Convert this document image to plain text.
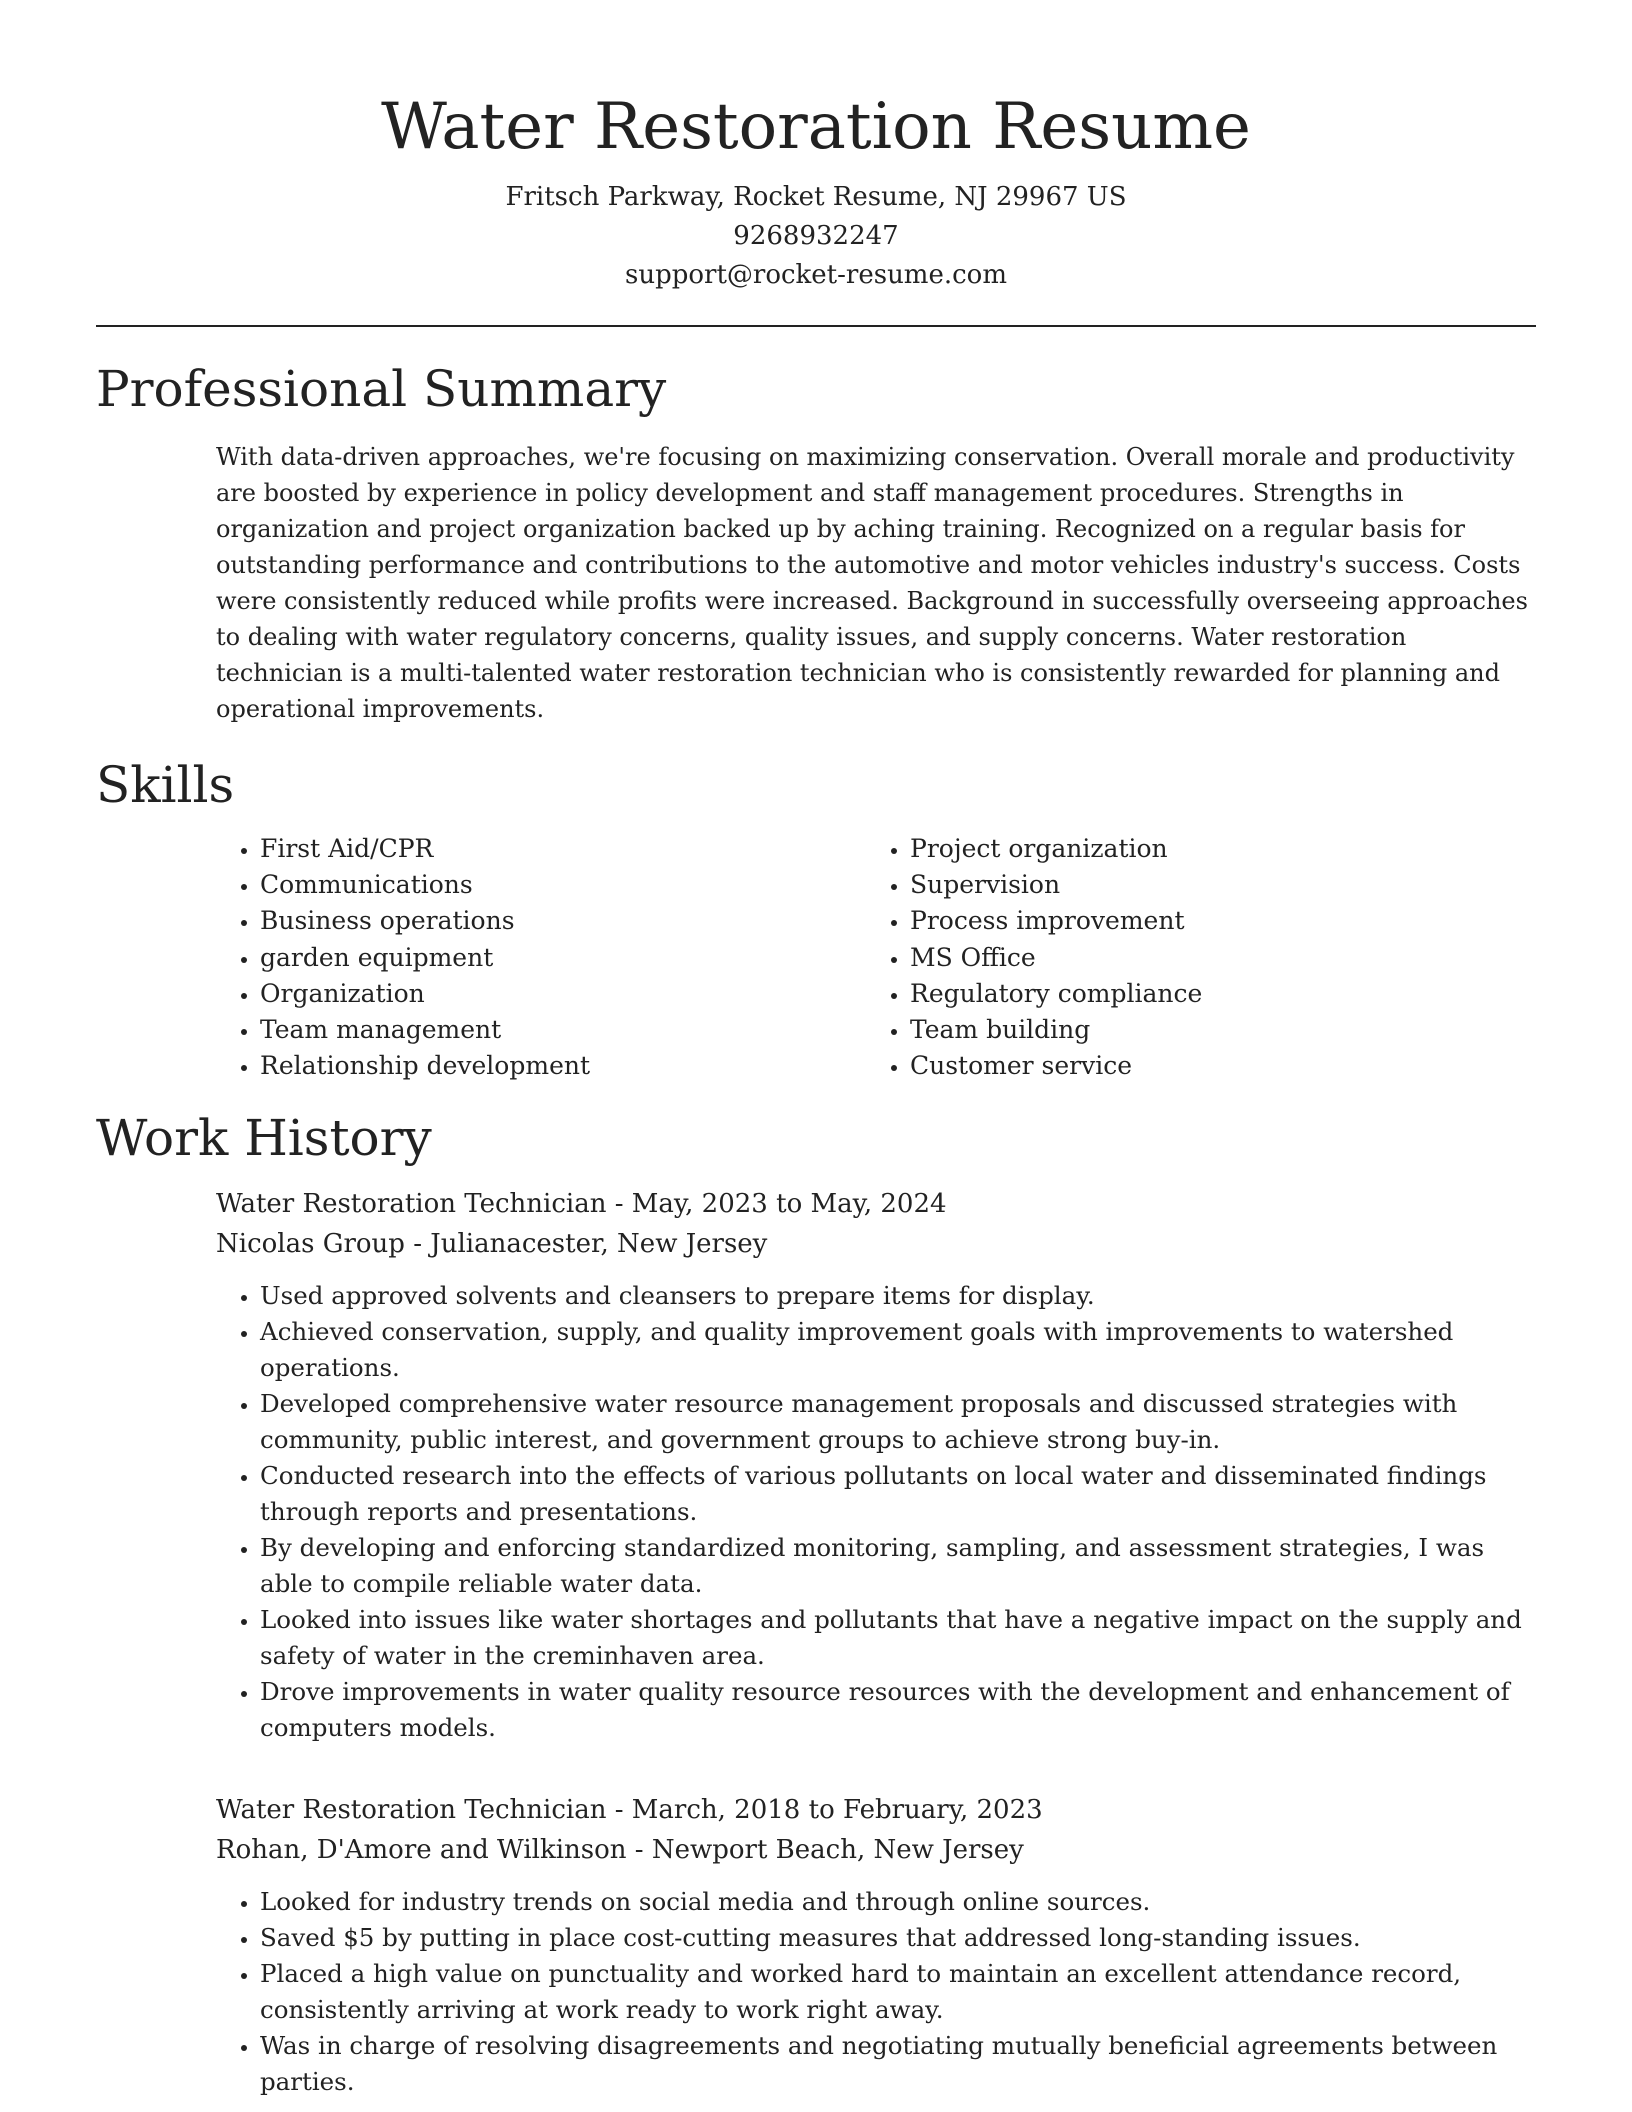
Water Restoration Resume
Fritsch Parkway, Rocket Resume, NJ 29967 US
9268932247
support@rocket-resume.com
Professional Summary

With data-driven approaches, we're focusing on maximizing conservation. Overall morale and productivity are boosted by experience in policy development and staff management procedures. Strengths in organization and project organization backed up by aching training. Recognized on a regular basis for outstanding performance and contributions to the automotive and motor vehicles industry's success. Costs were consistently reduced while profits were increased. Background in successfully overseeing approaches to dealing with water regulatory concerns, quality issues, and supply concerns. Water restoration technician is a multi-talented water restoration technician who is consistently rewarded for planning and operational improvements.

Skills
• First Aid/CPR
• Communications
• Business operations
• garden equipment
• Organization
• Team management
• Relationship development
• Project organization
• Supervision
• Process improvement
• MS Office
• Regulatory compliance
• Team building
• Customer service
Work History
Water Restoration Technician - May, 2023 to May, 2024
Nicolas Group - Julianacester, New Jersey
• Used approved solvents and cleansers to prepare items for display.
• Achieved conservation, supply, and quality improvement goals with improvements to watershed operations.
• Developed comprehensive water resource management proposals and discussed strategies with community, public interest, and government groups to achieve strong buy-in.
• Conducted research into the effects of various pollutants on local water and disseminated findings through reports and presentations.
• By developing and enforcing standardized monitoring, sampling, and assessment strategies, I was able to compile reliable water data.
• Looked into issues like water shortages and pollutants that have a negative impact on the supply and safety of water in the creminhaven area.
• Drove improvements in water quality resource resources with the development and enhancement of computers models.
Water Restoration Technician - March, 2018 to February, 2023
Rohan, D'Amore and Wilkinson - Newport Beach, New Jersey
• Looked for industry trends on social media and through online sources.
• Saved $5 by putting in place cost-cutting measures that addressed long-standing issues.
• Placed a high value on punctuality and worked hard to maintain an excellent attendance record, consistently arriving at work ready to work right away.
• Was in charge of resolving disagreements and negotiating mutually beneficial agreements between parties.
